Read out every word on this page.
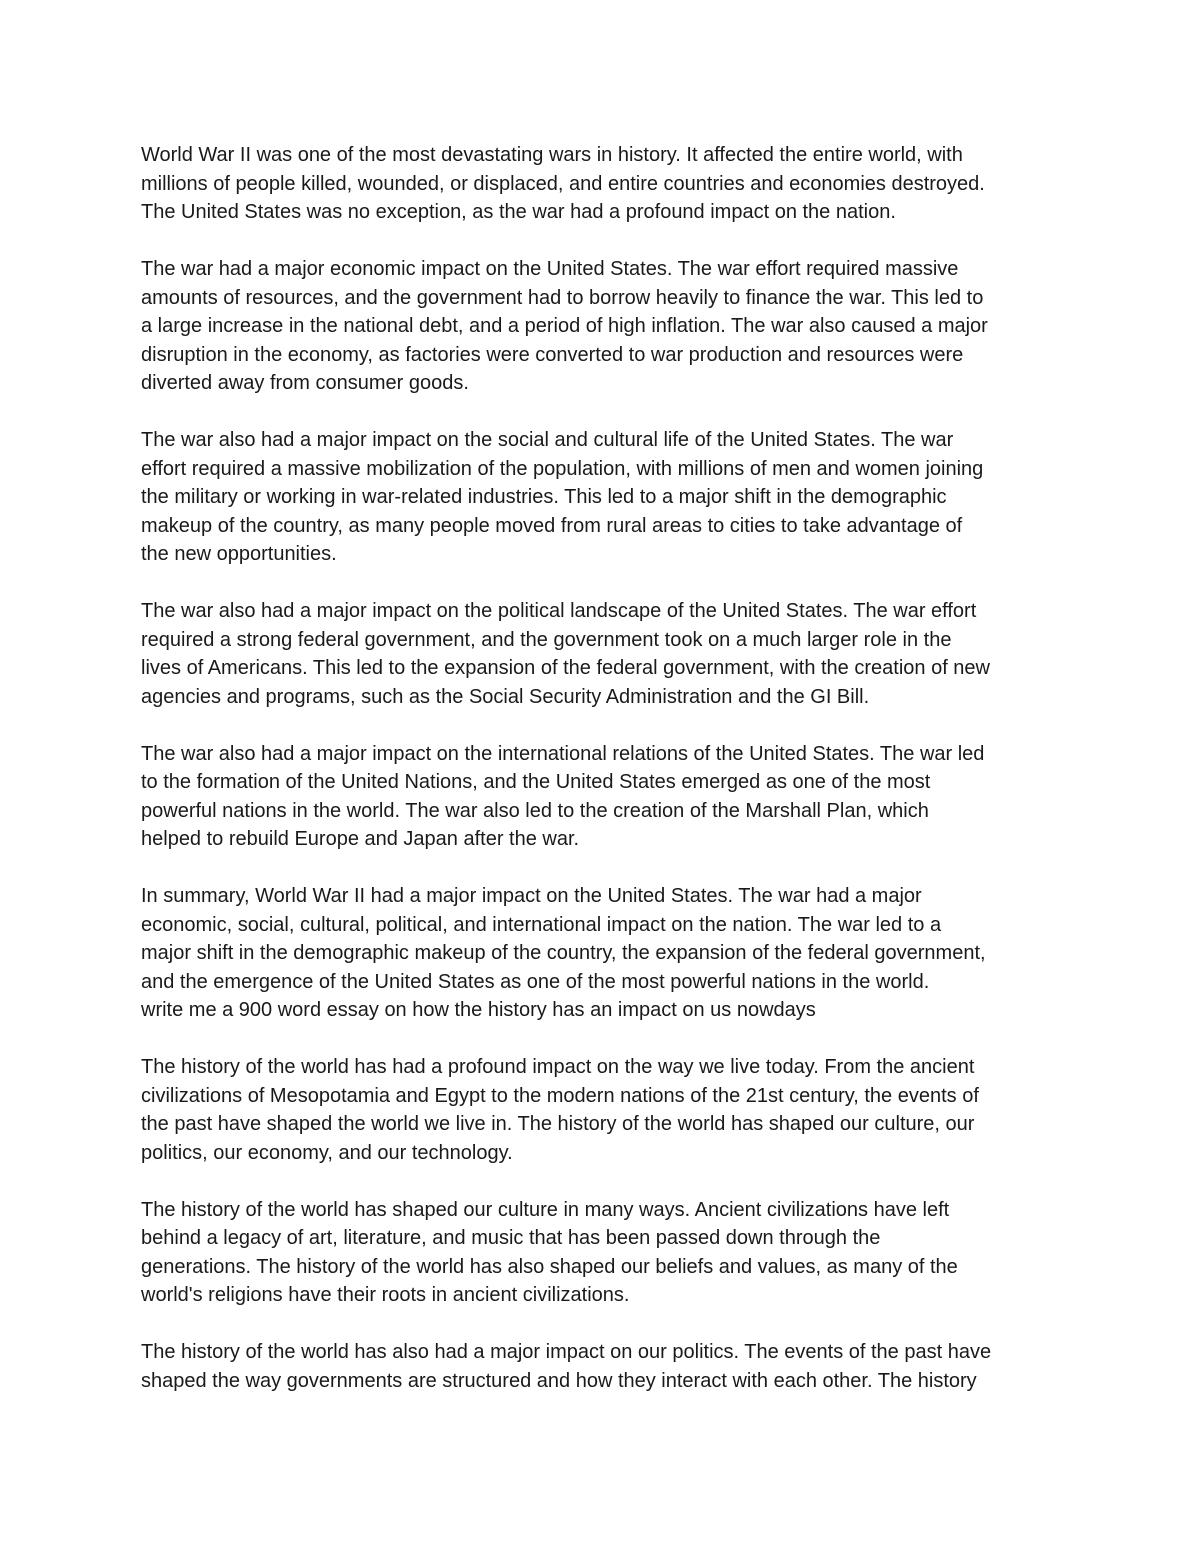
World War II was one of the most devastating wars in history. It affected the entire world, with
millions of people killed, wounded, or displaced, and entire countries and economies destroyed.
The United States was no exception, as the war had a profound impact on the nation.

The war had a major economic impact on the United States. The war effort required massive
amounts of resources, and the government had to borrow heavily to finance the war. This led to
a large increase in the national debt, and a period of high inflation. The war also caused a major
disruption in the economy, as factories were converted to war production and resources were
diverted away from consumer goods.

The war also had a major impact on the social and cultural life of the United States. The war
effort required a massive mobilization of the population, with millions of men and women joining
the military or working in war-related industries. This led to a major shift in the demographic
makeup of the country, as many people moved from rural areas to cities to take advantage of
the new opportunities.

The war also had a major impact on the political landscape of the United States. The war effort
required a strong federal government, and the government took on a much larger role in the
lives of Americans. This led to the expansion of the federal government, with the creation of new
agencies and programs, such as the Social Security Administration and the GI Bill.

The war also had a major impact on the international relations of the United States. The war led
to the formation of the United Nations, and the United States emerged as one of the most
powerful nations in the world. The war also led to the creation of the Marshall Plan, which
helped to rebuild Europe and Japan after the war.

In summary, World War II had a major impact on the United States. The war had a major
economic, social, cultural, political, and international impact on the nation. The war led to a
major shift in the demographic makeup of the country, the expansion of the federal government,
and the emergence of the United States as one of the most powerful nations in the world.

write me a 900 word essay on how the history has an impact on us nowdays

The history of the world has had a profound impact on the way we live today. From the ancient
civilizations of Mesopotamia and Egypt to the modern nations of the 21st century, the events of
the past have shaped the world we live in. The history of the world has shaped our culture, our
politics, our economy, and our technology.

The history of the world has shaped our culture in many ways. Ancient civilizations have left
behind a legacy of art, literature, and music that has been passed down through the
generations. The history of the world has also shaped our beliefs and values, as many of the
world's religions have their roots in ancient civilizations.

The history of the world has also had a major impact on our politics. The events of the past have
shaped the way governments are structured and how they interact with each other. The history
